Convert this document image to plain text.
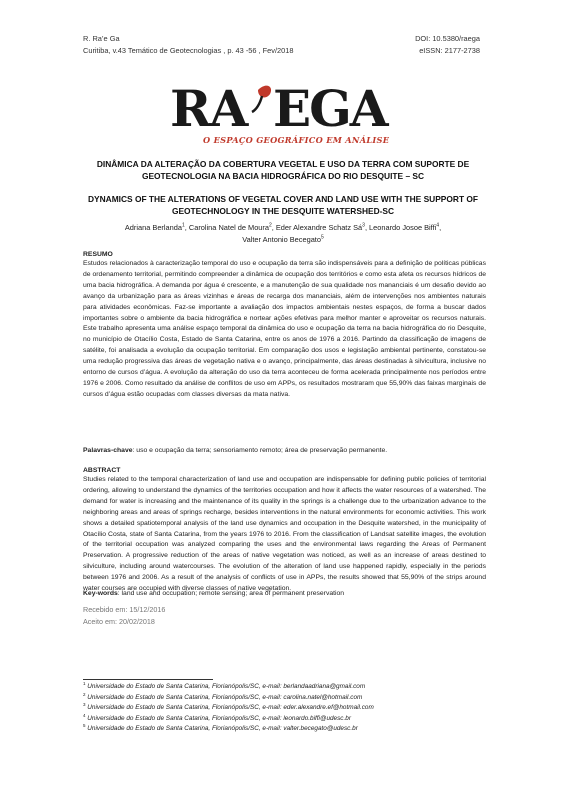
R. Ra’e Ga
Curitiba, v.43 Temático de Geotecnologias , p. 43 -56 , Fev/2018
DOI: 10.5380/raega
eISSN: 2177-2738
RA EGA
O ESPAÇO GEOGRÁFICO EM ANÁLISE
DINÂMICA DA ALTERAÇÃO DA COBERTURA VEGETAL E USO DA TERRA COM SUPORTE DE
GEOTECNOLOGIA NA BACIA HIDROGRÁFICA DO RIO DESQUITE – SC
DYNAMICS OF THE ALTERATIONS OF VEGETAL COVER AND LAND USE WITH THE SUPPORT OF
GEOTECHNOLOGY IN THE DESQUITE WATERSHED-SC
Adriana Berlanda$^1$, Carolina Natel de Moura$^2$, Eder Alexandre Schatz $Sá^3$, Leonardo Josoe Biffi$^4$,
Valter Antonio Becegato$^5$
RESUMO
Estudos relacionados à caracterização temporal do uso e ocupação da terra são indispensáveis para a definição de políticas públicas de ordenamento territorial, permitindo compreender a dinâmica de ocupação dos territórios e como esta afeta os recursos hídricos de uma bacia hidrográfica. A demanda por água é crescente, e a manutenção de sua qualidade nos mananciais é um desafio devido ao avanço da urbanização para as áreas vizinhas e áreas de recarga dos mananciais, além de intervenções nos ambientes naturais para atividades econômicas. Faz-se importante a avaliação dos impactos ambientais nestes espaços, de forma a buscar dados importantes sobre o ambiente da bacia hidrográfica e nortear ações efetivas para melhor manter e aproveitar os recursos naturais. Este trabalho apresenta uma análise espaço temporal da dinâmica do uso e ocupação da terra na bacia hidrográfica do rio Desquite, no município de Otacílio Costa, Estado de Santa Catarina, entre os anos de 1976 a 2016. Partindo da classificação de imagens de satélite, foi analisada a evolução da ocupação territorial. Em comparação dos usos e legislação ambiental pertinente, constatou-se uma redução progressiva das áreas de vegetação nativa e o avanço, principalmente, das áreas destinadas à silvicultura, inclusive no entorno de cursos d’água. A evolução da alteração do uso da terra aconteceu de forma acelerada principalmente nos períodos entre 1976 e 2006. Como resultado da análise de conflitos de uso em APPs, os resultados mostraram que 55,90% das faixas marginais de cursos d’água estão ocupadas com classes diversas da mata nativa.
Palavras-chave: uso e ocupação da terra; sensoriamento remoto; área de preservação permanente.
ABSTRACT
Studies related to the temporal characterization of land use and occupation are indispensable for defining public policies of territorial ordering, allowing to understand the dynamics of the territories occupation and how it affects the water resources of a watershed. The demand for water is increasing and the maintenance of its quality in the springs is a challenge due to the urbanization advance to the neighboring areas and areas of springs recharge, besides interventions in the natural environments for economic activities. This work shows a detailed spatiotemporal analysis of the land use dynamics and occupation in the Desquite watershed, in the municipality of Otacílio Costa, state of Santa Catarina, from the years 1976 to 2016. From the classification of Landsat satellite images, the evolution of the territorial occupation was analyzed comparing the uses and the environmental laws regarding the Areas of Permanent Preservation. A progressive reduction of the areas of native vegetation was noticed, as well as an increase of areas destined to silviculture, including around watercourses. The evolution of the alteration of land use happened rapidly, especially in the periods between 1976 and 2006. As a result of the analysis of conflicts of use in APPs, the results showed that 55,90% of the strips around water courses are occupied with diverse classes of native vegetation.
Key-words: land use and occupation; remote sensing; area of permanent preservation
Recebido em: 15/12/2016
Aceito em: 20/02/2018
$^1$ Universidade do Estado de Santa Catarina, Florianópolis/SC, e-mail: berlandaadriana@gmail.com
$^2$ Universidade do Estado de Santa Catarina, Florianópolis/SC, e-mail: carolina.natel@hotmail.com
$^3$ Universidade do Estado de Santa Catarina, Florianópolis/SC, e-mail: eder.alexandre.ef@hotmail.com
$^4$ Universidade do Estado de Santa Catarina, Florianópolis/SC, e-mail: leonardo.biffi@udesc.br
$^5$ Universidade do Estado de Santa Catarina, Florianópolis/SC, e-mail: valter.becegato@udesc.br
